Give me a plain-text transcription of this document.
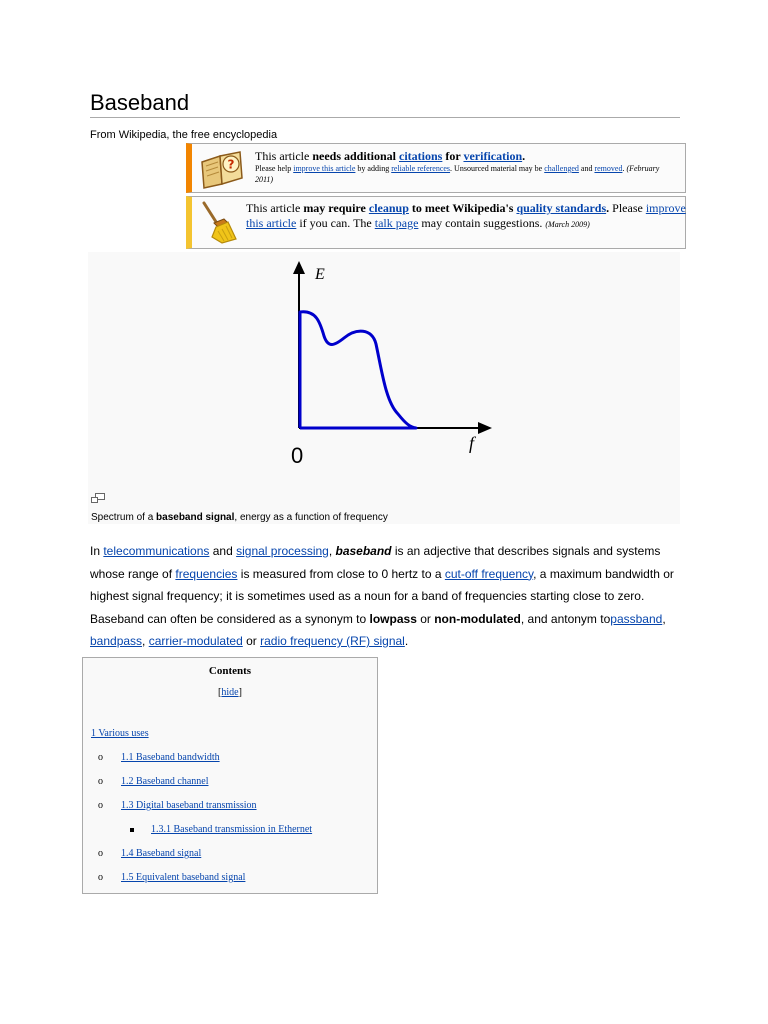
Baseband
From Wikipedia, the free encyclopedia
?
This article needs additional citations for verification.
Please help improve this article by adding reliable references. Unsourced material may be challenged and removed. (February 2011)
This article may require cleanup to meet Wikipedia's quality standards. Please improve this article if you can. The talk page may contain suggestions. (March 2009)
E
f
0
Spectrum of a baseband signal, energy as a function of frequency
In telecommunications and signal processing, baseband is an adjective that describes signals and systems whose range of frequencies is measured from close to 0 hertz to a cut-off frequency, a maximum bandwidth or highest signal frequency; it is sometimes used as a noun for a band of frequencies starting close to zero. Baseband can often be considered as a synonym to lowpass or non-modulated, and antonym topassband, bandpass, carrier-modulated or radio frequency (RF) signal.
Contents
[hide]
1 Various uses
o 1.1 Baseband bandwidth
o 1.2 Baseband channel
o 1.3 Digital baseband transmission
1.3.1 Baseband transmission in Ethernet
o 1.4 Baseband signal
o 1.5 Equivalent baseband signal
